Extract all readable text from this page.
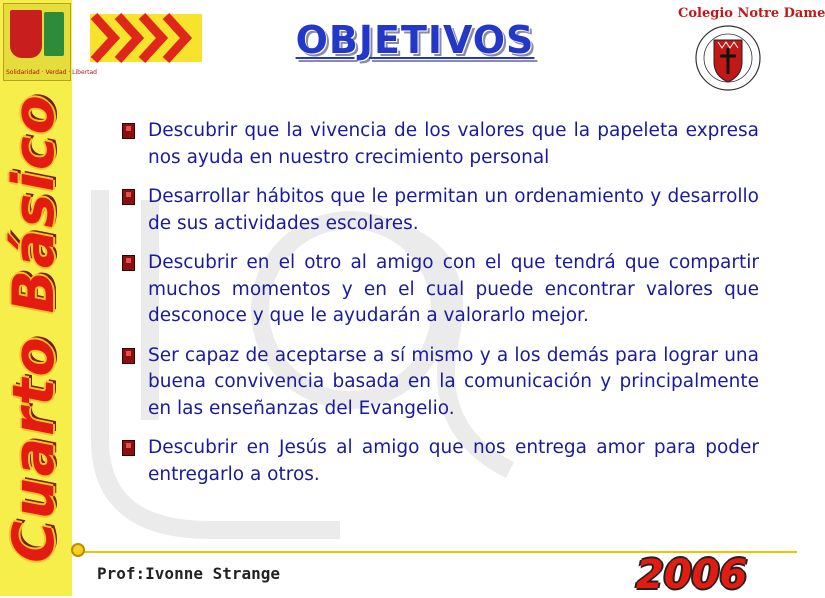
Solidaridad · Verdad · Libertad
Cuarto Básico
OBJETIVOS
Colegio Notre Dame
· · ·
Descubrir que la vivencia de los valores que la papeleta expresa nos ayuda en nuestro crecimiento personal
Desarrollar hábitos que le permitan un ordenamiento y desarrollo de sus actividades escolares.
Descubrir en el otro al amigo con el que tendrá que compartir muchos momentos y en el cual puede encontrar valores que desconoce y que le ayudarán a valorarlo mejor.
Ser capaz de aceptarse a sí mismo y a los demás para lograr una buena convivencia basada en la comunicación y principalmente en las enseñanzas del Evangelio.
Descubrir en Jesús al amigo que nos entrega amor para poder entregarlo a otros.
Prof:Ivonne Strange	2006
